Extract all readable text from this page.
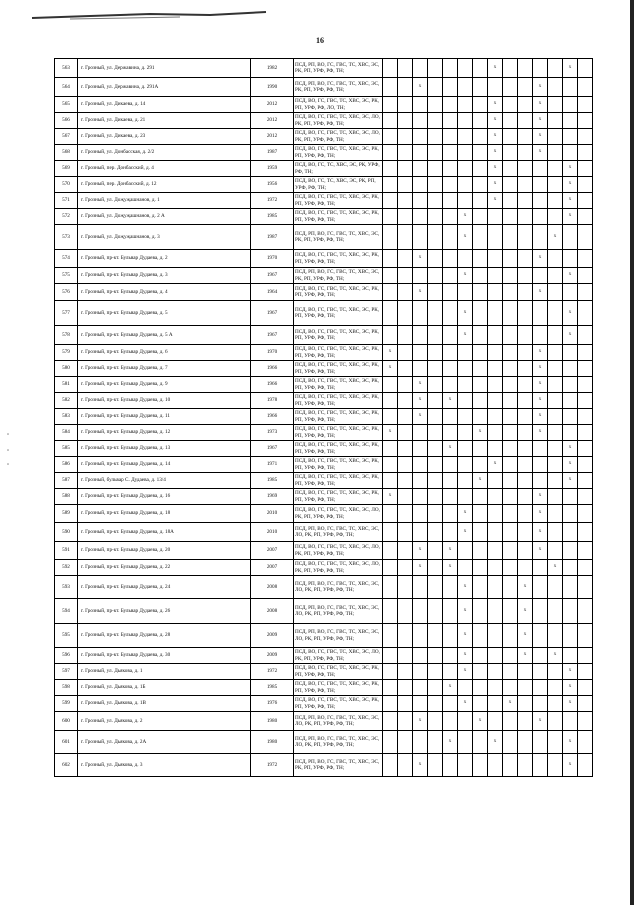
16
563	г. Грозный, ул. Державина, д. 291	1982	ПСД, РП, ВО, ГС, ГВС, ТС, ХВС, ЭС, РК, РП, УРФ, РФ, ТН;								x					x	
564	г. Грозный, ул. Державина, д. 291А	1990	ПСД, РП, ВО, ГС, ГВС, ТС, ХВС, ЭС, РК, РП, УРФ, РФ, ТН;			x								x			
565	г. Грозный, ул. Дикаева, д. 14	2012	ПСД, ВО, ГС, ГВС, ТС, ХВС, ЭС, РК, РП, УРФ, РФ, ЛО, ТН;								x			x			
566	г. Грозный, ул. Дикаева, д. 21	2012	ПСД, ВО, ГС, ГВС, ТС, ХВС, ЭС, ЛО, РК, РП, УРФ, РФ, ТН;								x			x			
567	г. Грозный, ул. Дикаева, д. 23	2012	ПСД, ВО, ГС, ГВС, ТС, ХВС, ЭС, ЛО, РК, РП, УРФ, РФ, ТН;								x			x			
568	г. Грозный, ул. Донбасская, д. 2/2	1987	ПСД, ВО, ГС, ГВС, ТС, ХВС, ЭС, РК, РП, УРФ, РФ, ТН;								x			x			
569	г. Грозный, пер. Донбасский, д. 4	1959	ПСД, ВО, ГС, ТС, ХВС, ЭС, РК, УРФ, РФ, ТН;								x					x	
570	г. Грозный, пер. Донбасский, д. 12	1956	ПСД, ВО, ГС, ТС, ХВС, ЭС, РК, РП, УРФ, РФ, ТН;								x					x	
571	г. Грозный, ул. Доҗуҗашнанов, д. 1	1972	ПСД, ВО, ГС, ГВС, ТС, ХВС, ЭС, РК, РП, УРФ, РФ, ТН;								x					x	
572	г. Грозный, ул. Доҗуҗашнанов, д. 2 А	1985	ПСД, ВО, ГС, ГВС, ТС, ХВС, ЭС, РК, РП, УРФ, РФ, ТН;						x							x	
573	г. Грозный, ул. Доҗуҗашнанов, д. 3	1987	ПСД, РП, ВО, ГС, ГВС, ТС, ХВС, ЭС, РК, РП, УРФ, РФ, ТН;						x						x		
574	г. Грозный, пр-кт. Бульвар Дудаева, д. 2	1970	ПСД, ВО, ГС, ГВС, ТС, ХВС, ЭС, РК, РП, УРФ, РФ, ТН;			x								x			
575	г. Грозный, пр-кт. Бульвар Дудаева, д. 3	1967	ПСД, РП, ВО, ГС, ГВС, ТС, ХВС, ЭС, РК, РП, УРФ, РФ, ТН;						x							x	
576	г. Грозный, пр-кт. Бульвар Дудаева, д. 4	1964	ПСД, ВО, ГС, ГВС, ТС, ХВС, ЭС, РК, РП, УРФ, РФ, ТН;			x								x			
577	г. Грозный, пр-кт. Бульвар Дудаева, д. 5	1967	ПСД, ВО, ГС, ГВС, ТС, ХВС, ЭС, РК, РП, УРФ, РФ, ТН;						x							x	
578	г. Грозный, пр-кт. Бульвар Дудаева, д. 5 А	1967	ПСД, ВО, ГС, ГВС, ТС, ХВС, ЭС, РК, РП, УРФ, РФ, ТН;						x							x	
579	г. Грозный, пр-кт. Бульвар Дудаева, д. 6	1970	ПСД, ВО, ГС, ГВС, ТС, ХВС, ЭС, РК, РП, УРФ, РФ, ТН;	x										x			
580	г. Грозный, пр-кт. Бульвар Дудаева, д. 7	1966	ПСД, ВО, ГС, ГВС, ТС, ХВС, ЭС, РК, РП, УРФ, РФ, ТН;	x										x			
581	г. Грозный, пр-кт. Бульвар Дудаева, д. 9	1966	ПСД, ВО, ГС, ГВС, ТС, ХВС, ЭС, РК, РП, УРФ, РФ, ТН;			x								x			
582	г. Грозный, пр-кт. Бульвар Дудаева, д. 10	1978	ПСД, ВО, ГС, ГВС, ТС, ХВС, ЭС, РК, РП, УРФ, РФ, ТН;			x		x						x			
583	г. Грозный, пр-кт. Бульвар Дудаева, д. 11	1966	ПСД, ВО, ГС, ГВС, ТС, ХВС, ЭС, РК, РП, УРФ, РФ, ТН;			x								x			
584	г. Грозный, пр-кт. Бульвар Дудаева, д. 12	1973	ПСД, ВО, ГС, ГВС, ТС, ХВС, ЭС, РК, РП, УРФ, РФ, ТН;	x						x				x			
585	г. Грозный, пр-кт. Бульвар Дудаева, д. 13	1967	ПСД, ВО, ГС, ГВС, ТС, ХВС, ЭС, РК, РП, УРФ, РФ, ТН;					x								x	
586	г. Грозный, пр-кт. Бульвар Дудаева, д. 14	1971	ПСД, ВО, ГС, ГВС, ТС, ХВС, ЭС, РК, РП, УРФ, РФ, ТН;								x					x	
587	г. Грозный, бульвар С. Дудаева, д. 13/4	1985	ПСД, ВО, ГС, ГВС, ТС, ХВС, ЭС, РК, РП, УРФ, РФ, ТН;							x						x	
588	г. Грозный, пр-кт. Бульвар Дудаева, д. 16	1969	ПСД, ВО, ГС, ГВС, ТС, ХВС, ЭС, РК, РП, УРФ, РФ, ТН;	x										x			
589	г. Грозный, пр-кт. Бульвар Дудаева, д. 18	2010	ПСД, ВО, ГС, ГВС, ТС, ХВС, ЭС, ЛО, РК, РП, УРФ, РФ, ТН;						x					x			
590	г. Грозный, пр-кт. Бульвар Дудаева, д. 18А	2010	ПСД, РП, ВО, ГС, ГВС, ТС, ХВС, ЭС, ЛО, РК, РП, УРФ, РФ, ТН;						x					x			
591	г. Грозный, пр-кт. Бульвар Дудаева, д. 20	2007	ПСД, ВО, ГС, ГВС, ТС, ХВС, ЭС, ЛО, РК, РП, УРФ, РФ, ТН;			x		x						x			
592	г. Грозный, пр-кт. Бульвар Дудаева, д. 22	2007	ПСД, ВО, ГС, ГВС, ТС, ХВС, ЭС, ЛО, РК, РП, УРФ, РФ, ТН;			x		x							x		
593	г. Грозный, пр-кт. Бульвар Дудаева, д. 24	2008	ПСД, РП, ВО, ГС, ГВС, ТС, ХВС, ЭС, ЛО, РК, РП, УРФ, РФ, ТН;						x				x				
594	г. Грозный, пр-кт. Бульвар Дудаева, д. 26	2008	ПСД, РП, ВО, ГС, ГВС, ТС, ХВС, ЭС, ЛО, РК, РП, УРФ, РФ, ТН;						x				x				
595	г. Грозный, пр-кт. Бульвар Дудаева, д. 28	2009	ПСД, РП, ВО, ГС, ГВС, ТС, ХВС, ЭС, ЛО, РК, РП, УРФ, РФ, ТН;						x				x				
596	г. Грозный, пр-кт. Бульвар Дудаева, д. 30	2009	ПСД, ВО, ГС, ГВС, ТС, ХВС, ЭС, ЛО, РК, РП, УРФ, РФ, ТН;						x				x		x		
597	г. Грозный, ул. Дьякова, д. 1	1972	ПСД, ВО, ГС, ГВС, ТС, ХВС, ЭС, РК, РП, УРФ, РФ, ТН;						x							x	
598	г. Грозный, ул. Дьякова, д. 1Б	1985	ПСД, ВО, ГС, ГВС, ТС, ХВС, ЭС, РК, РП, УРФ, РФ, ТН;					x								x	
599	г. Грозный, ул. Дьякова, д. 1В	1976	ПСД, ВО, ГС, ГВС, ТС, ХВС, ЭС, РК, РП, УРФ, РФ, ТН;						x			x				x	
600	г. Грозный, ул. Дьякова, д. 2	1980	ПСД, РП, ВО, ГС, ГВС, ТС, ХВС, ЭС, ЛО, РК, РП, УРФ, РФ, ТН;			x				x				x			
601	г. Грозный, ул. Дьякова, д. 2А	1980	ПСД, РП, ВО, ГС, ГВС, ТС, ХВС, ЭС, ЛО, РК, РП, УРФ, РФ, ТН;					x			x					x	
602	г. Грозный, ул. Дьякова, д. 3	1972	ПСД, РП, ВО, ГС, ГВС, ТС, ХВС, ЭС, РК, РП, УРФ, РФ, ТН;			x										x	
